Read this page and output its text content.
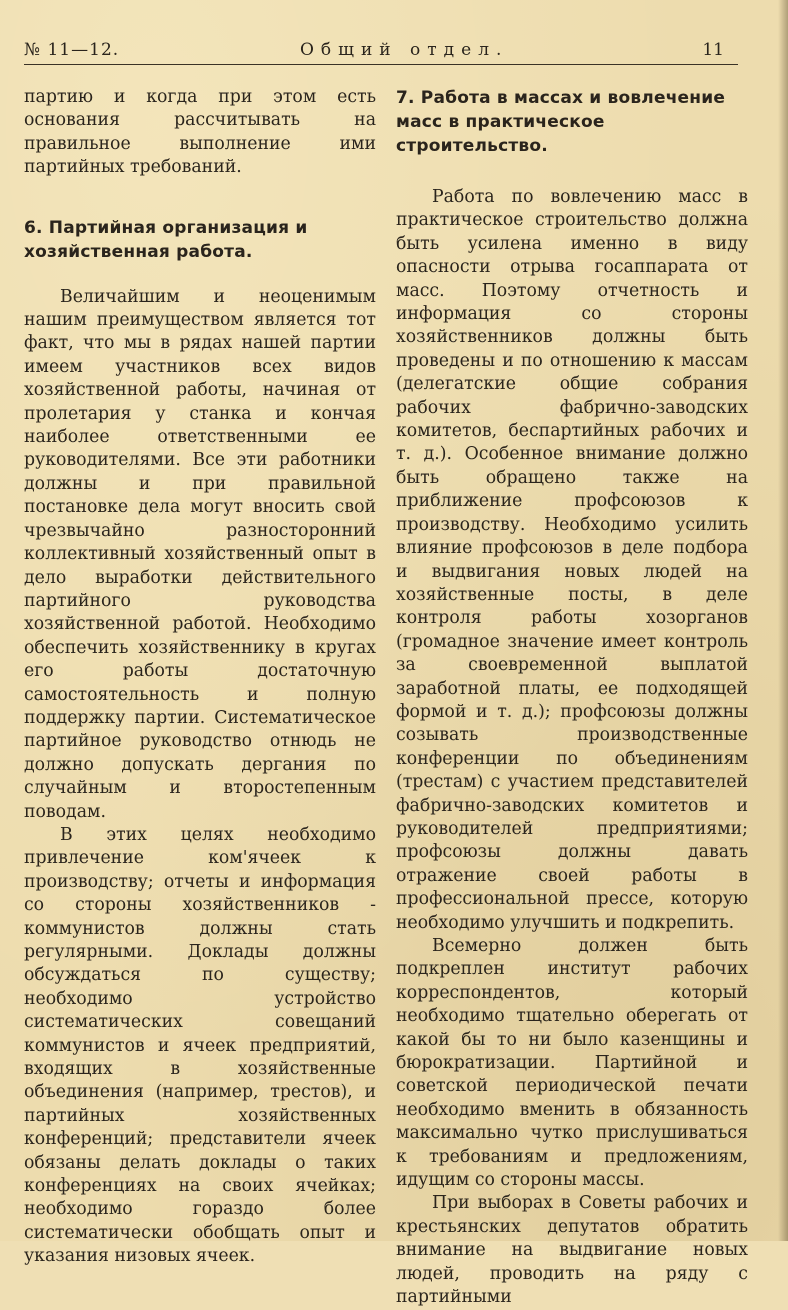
№ 11—12.	Общий отдел.	11

партию и когда при этом есть основания рассчитывать на правильное выполнение ими партийных требований.

6. Партийная организация и хозяйственная работа.

Величайшим и неоценимым нашим преимуществом является тот факт, что мы в рядах нашей партии имеем участников всех видов хозяйственной работы, начиная от пролетария у станка и кончая наиболее ответственными ее руководителями. Все эти работники должны и при правильной постановке дела могут вносить свой чрезвычайно разносторонний коллективный хозяйственный опыт в дело выработки действительного партийного руководства хозяйственной работой. Необходимо обеспечить хозяйственнику в кругах его работы достаточную самостоятельность и полную поддержку партии. Систематическое партийное руководство отнюдь не должно допускать дергания по случайным и второстепенным поводам.

В этих целях необходимо привлечение ком'ячеек к производству; отчеты и информация со стороны хозяйственников - коммунистов должны стать регулярными. Доклады должны обсуждаться по существу; необходимо устройство систематических совещаний коммунистов и ячеек предприятий, входящих в хозяйственные объединения (например, трестов), и партийных хозяйственных конференций; представители ячеек обязаны делать доклады о таких конференциях на своих ячейках; необходимо гораздо более систематически обобщать опыт и указания низовых ячеек.

7. Работа в массах и вовлечение масс в практическое строительство.

Работа по вовлечению масс в практическое строительство должна быть усилена именно в виду опасности отрыва госаппарата от масс. Поэтому отчетность и информация со стороны хозяйственников должны быть проведены и по отношению к массам (делегатские общие собрания рабочих фабрично-заводских комитетов, беспартийных рабочих и т. д.). Особенное внимание должно быть обращено также на приближение профсоюзов к производству. Необходимо усилить влияние профсоюзов в деле подбора и выдвигания новых людей на хозяйственные посты, в деле контроля работы хозорганов (громадное значение имеет контроль за своевременной выплатой заработной платы, ее подходящей формой и т. д.); профсоюзы должны созывать производственные конференции по объединениям (трестам) с участием представителей фабрично-заводских комитетов и руководителей предприятиями; профсоюзы должны давать отражение своей работы в профессиональной прессе, которую необходимо улучшить и подкрепить.

Всемерно должен быть подкреплен институт рабочих корреспондентов, который необходимо тщательно оберегать от какой бы то ни было казенщины и бюрократизации. Партийной и советской периодической печати необходимо вменить в обязанность максимально чутко прислушиваться к требованиям и предложениям, идущим со стороны массы.

При выборах в Советы рабочих и крестьянских депутатов обратить внимание на выдвигание новых людей, проводить на ряду с партийными
